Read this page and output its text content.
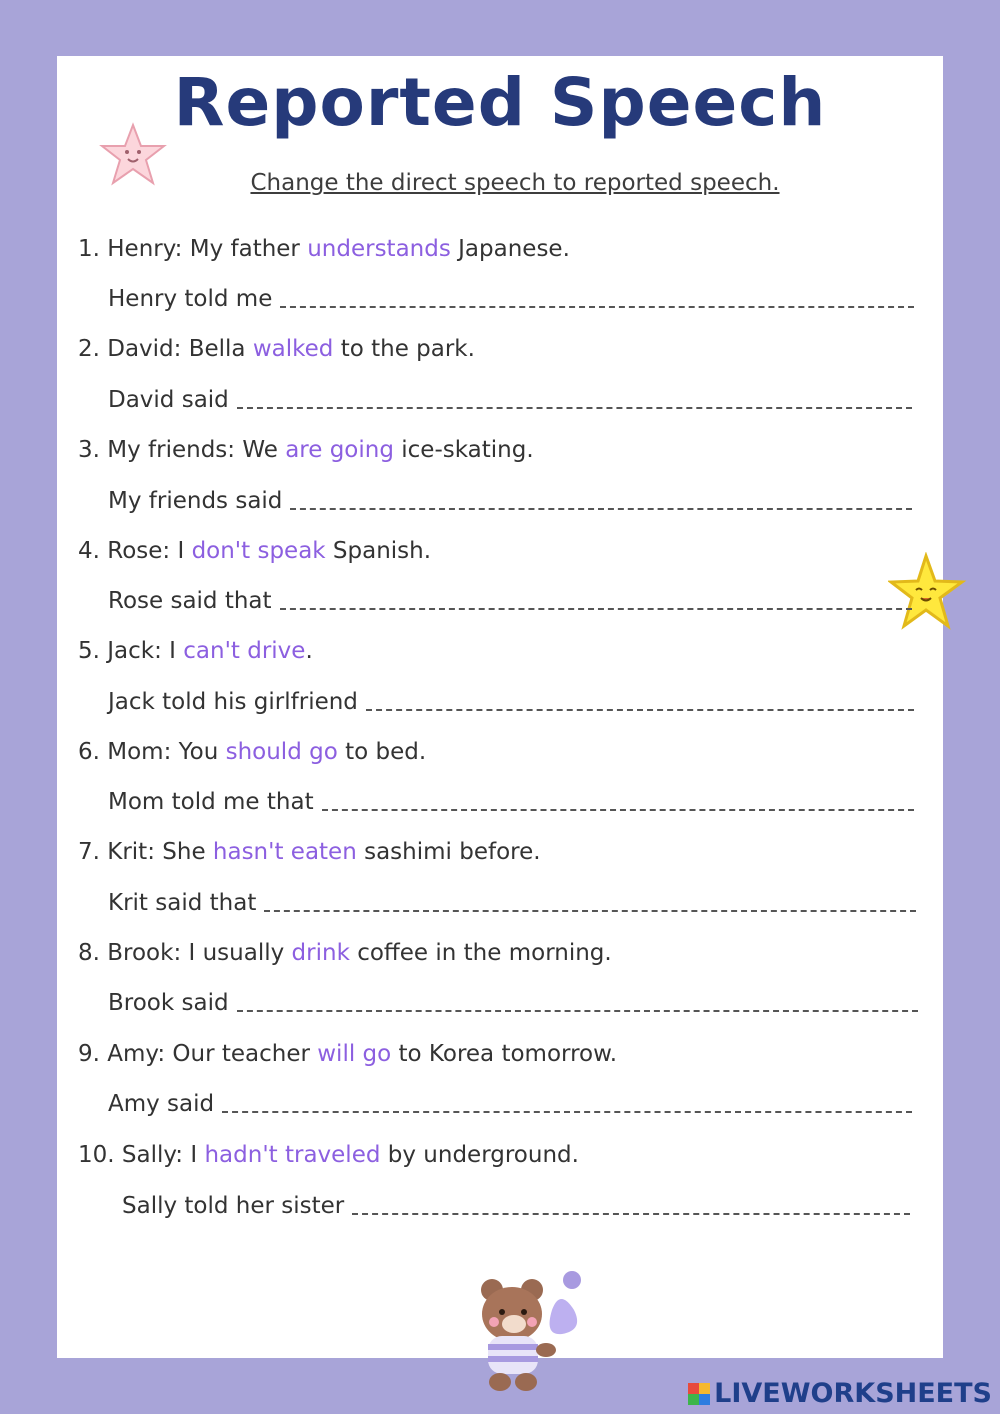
Reported Speech

Change the direct speech to reported speech.

1. Henry: My father understands Japanese.
Henry told me
2. David: Bella walked to the park.
David said
3. My friends: We are going ice-skating.
My friends said
4. Rose: I don't speak Spanish.
Rose said that
5. Jack: I can't drive.
Jack told his girlfriend
6. Mom: You should go to bed.
Mom told me that
7. Krit: She hasn't eaten sashimi before.
Krit said that
8. Brook: I usually drink coffee in the morning.
Brook said
9. Amy: Our teacher will go to Korea tomorrow.
Amy said
10. Sally: I hadn't traveled by underground.
Sally told her sister
LIVEWORKSHEETS
